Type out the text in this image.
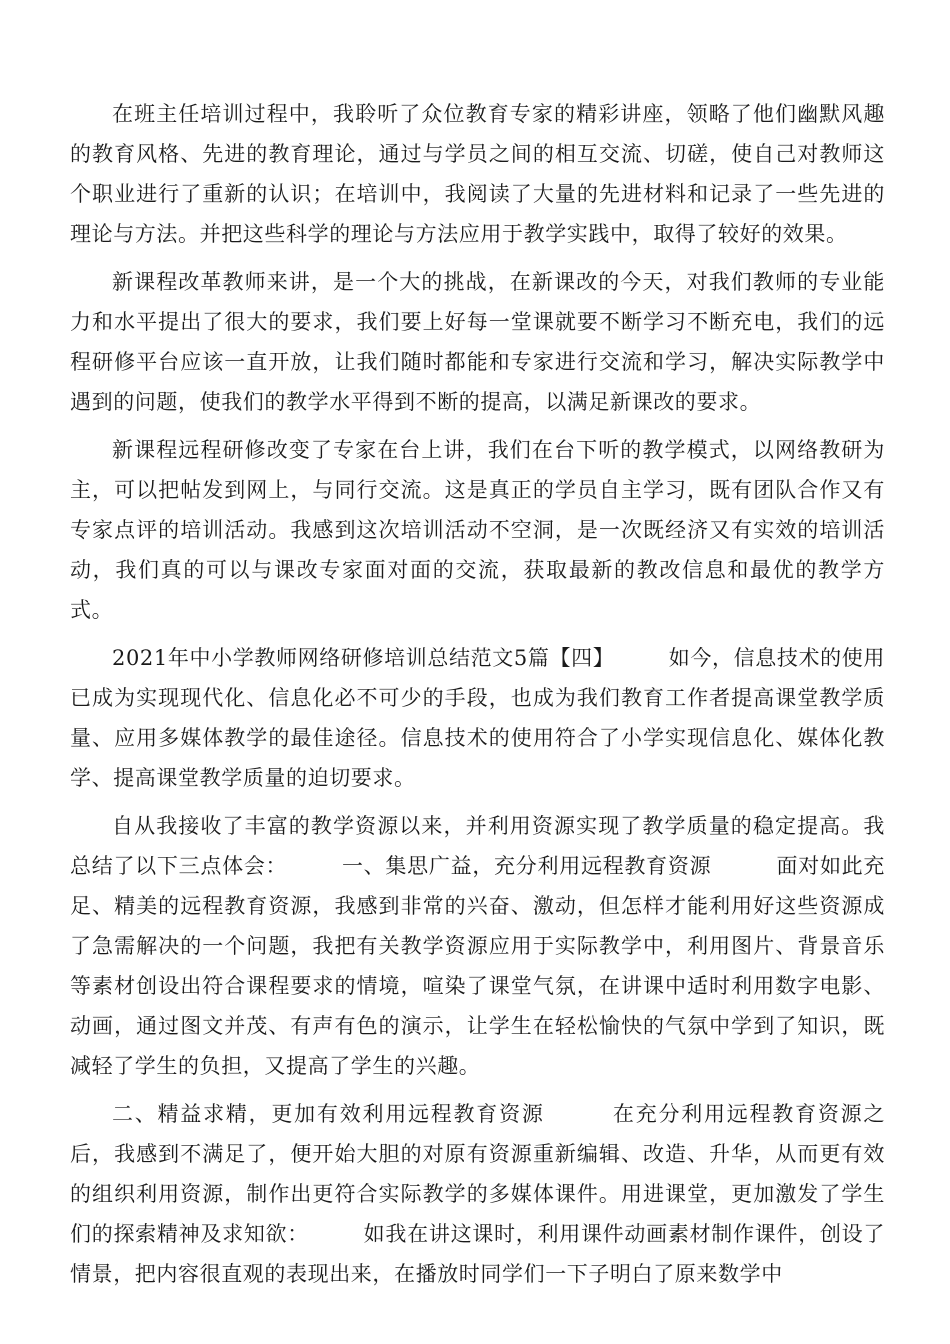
在班主任培训过程中，我聆听了众位教育专家的精彩讲座，领略了他们幽默风趣的教育风格、先进的教育理论，通过与学员之间的相互交流、切磋，使自己对教师这个职业进行了重新的认识；在培训中，我阅读了大量的先进材料和记录了一些先进的理论与方法。并把这些科学的理论与方法应用于教学实践中，取得了较好的效果。

新课程改革教师来讲，是一个大的挑战，在新课改的今天，对我们教师的专业能力和水平提出了很大的要求，我们要上好每一堂课就要不断学习不断充电，我们的远程研修平台应该一直开放，让我们随时都能和专家进行交流和学习，解决实际教学中遇到的问题，使我们的教学水平得到不断的提高，以满足新课改的要求。

新课程远程研修改变了专家在台上讲，我们在台下听的教学模式，以网络教研为主，可以把帖发到网上，与同行交流。这是真正的学员自主学习，既有团队合作又有专家点评的培训活动。我感到这次培训活动不空洞，是一次既经济又有实效的培训活动，我们真的可以与课改专家面对面的交流，获取最新的教改信息和最优的教学方式。

2021年中小学教师网络研修培训总结范文5篇【四】　　　如今，信息技术的使用已成为实现现代化、信息化必不可少的手段，也成为我们教育工作者提高课堂教学质量、应用多媒体教学的最佳途径。信息技术的使用符合了小学实现信息化、媒体化教学、提高课堂教学质量的迫切要求。

自从我接收了丰富的教学资源以来，并利用资源实现了教学质量的稳定提高。我总结了以下三点体会：　　　一、集思广益，充分利用远程教育资源　　　面对如此充足、精美的远程教育资源，我感到非常的兴奋、激动，但怎样才能利用好这些资源成了急需解决的一个问题，我把有关教学资源应用于实际教学中，利用图片、背景音乐等素材创设出符合课程要求的情境，喧染了课堂气氛，在讲课中适时利用数字电影、动画，通过图文并茂、有声有色的演示，让学生在轻松愉快的气氛中学到了知识，既减轻了学生的负担，又提高了学生的兴趣。

二、精益求精，更加有效利用远程教育资源　　　在充分利用远程教育资源之后，我感到不满足了，便开始大胆的对原有资源重新编辑、改造、升华，从而更有效的组织利用资源，制作出更符合实际教学的多媒体课件。用进课堂，更加激发了学生们的探索精神及求知欲：　　　如我在讲这课时，利用课件动画素材制作课件，创设了情景，把内容很直观的表现出来，在播放时同学们一下子明白了原来数学中
